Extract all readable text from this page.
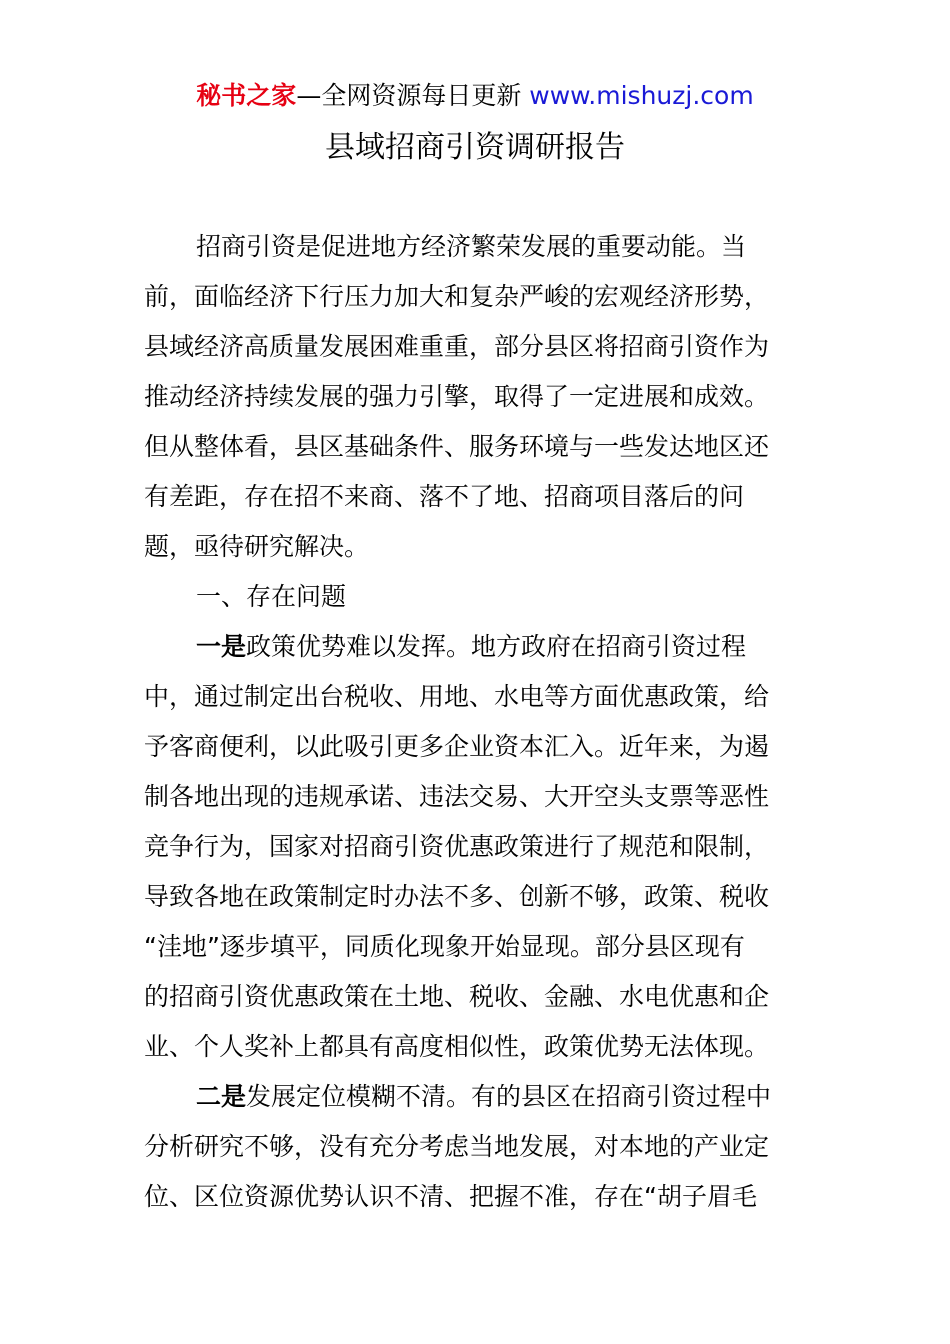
秘书之家—全网资源每日更新 www.mishuzj.com
县域招商引资调研报告
招商引资是促进地方经济繁荣发展的重要动能。当
前，面临经济下行压力加大和复杂严峻的宏观经济形势，
县域经济高质量发展困难重重，部分县区将招商引资作为
推动经济持续发展的强力引擎，取得了一定进展和成效。
但从整体看，县区基础条件、服务环境与一些发达地区还
有差距，存在招不来商、落不了地、招商项目落后的问
题，亟待研究解决。
一、存在问题
一是政策优势难以发挥。地方政府在招商引资过程
中，通过制定出台税收、用地、水电等方面优惠政策，给
予客商便利，以此吸引更多企业资本汇入。近年来，为遏
制各地出现的违规承诺、违法交易、大开空头支票等恶性
竞争行为，国家对招商引资优惠政策进行了规范和限制，
导致各地在政策制定时办法不多、创新不够，政策、税收
“洼地”逐步填平，同质化现象开始显现。部分县区现有
的招商引资优惠政策在土地、税收、金融、水电优惠和企
业、个人奖补上都具有高度相似性，政策优势无法体现。
二是发展定位模糊不清。有的县区在招商引资过程中
分析研究不够，没有充分考虑当地发展，对本地的产业定
位、区位资源优势认识不清、把握不准，存在“胡子眉毛
